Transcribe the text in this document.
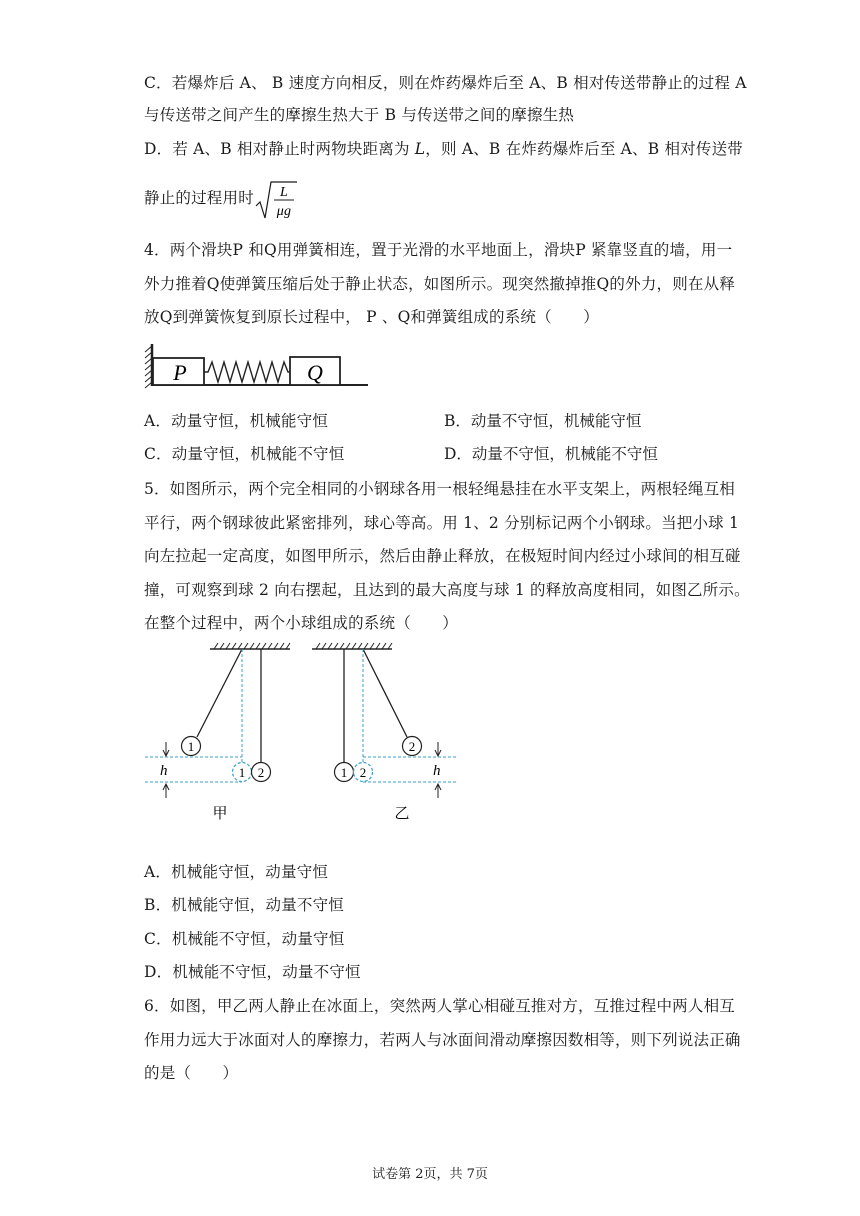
C．若爆炸后 A、 B 速度方向相反，则在炸药爆炸后至 A、B 相对传送带静止的过程 A
与传送带之间产生的摩擦生热大于 B 与传送带之间的摩擦生热
D．若 A、B 相对静止时两物块距离为 L，则 A、B 在炸药爆炸后至 A、B 相对传送带
静止的过程用时 L
μg
4．两个滑块P 和Q用弹簧相连，置于光滑的水平地面上，滑块P 紧靠竖直的墙，用一
外力推着Q使弹簧压缩后处于静止状态，如图所示。现突然撤掉推Q的外力，则在从释
放Q到弹簧恢复到原长过程中， P 、Q和弹簧组成的系统（　　）
P	Q
A．动量守恒，机械能守恒	B．动量不守恒，机械能守恒
C．动量守恒，机械能不守恒	D．动量不守恒，机械能不守恒
5．如图所示，两个完全相同的小钢球各用一根轻绳悬挂在水平支架上，两根轻绳互相
平行，两个钢球彼此紧密排列，球心等高。用 1、2 分别标记两个小钢球。当把小球 1
向左拉起一定高度，如图甲所示，然后由静止释放，在极短时间内经过小球间的相互碰
撞，可观察到球 2 向右摆起，且达到的最大高度与球 1 的释放高度相同，如图乙所示。
在整个过程中，两个小球组成的系统（　　）
1
1 2
h
甲
1 2
2
h
乙
A．机械能守恒，动量守恒
B．机械能守恒，动量不守恒
C．机械能不守恒，动量守恒
D．机械能不守恒，动量不守恒
6．如图，甲乙两人静止在冰面上，突然两人掌心相碰互推对方，互推过程中两人相互
作用力远大于冰面对人的摩擦力，若两人与冰面间滑动摩擦因数相等，则下列说法正确
的是（　　）
试卷第 2页，共 7页
